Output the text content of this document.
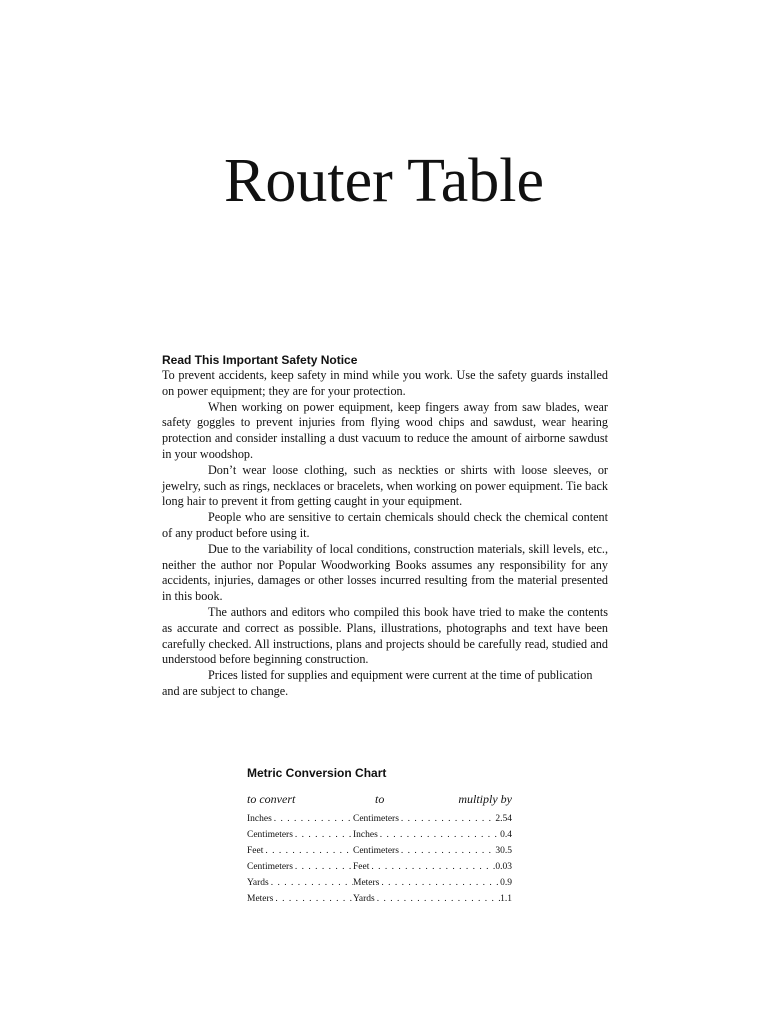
Router Table
Read This Important Safety Notice

To prevent accidents, keep safety in mind while you work. Use the safety guards installed on power equipment; they are for your protection.

When working on power equipment, keep fingers away from saw blades, wear safety goggles to prevent injuries from flying wood chips and sawdust, wear hearing protection and consider installing a dust vacuum to reduce the amount of airborne sawdust in your woodshop.

Don’t wear loose clothing, such as neckties or shirts with loose sleeves, or jewelry, such as rings, necklaces or bracelets, when working on power equipment. Tie back long hair to prevent it from getting caught in your equipment.

People who are sensitive to certain chemicals should check the chemical content of any product before using it.

Due to the variability of local conditions, construction materials, skill levels, etc., neither the author nor Popular Woodworking Books assumes any responsibility for any accidents, injuries, damages or other losses incurred resulting from the material presented in this book.

The authors and editors who compiled this book have tried to make the contents as accurate and correct as possible. Plans, illustrations, photographs and text have been carefully checked. All instructions, plans and projects should be carefully read, studied and understood before beginning construction.

Prices listed for supplies and equipment were current at the time of publication and are subject to change.

Metric Conversion Chart
to convert	to	multiply by
Inches . . .	Centimeters . . .	2.54
Centimeters . . .	Inches . . .	0.4
Feet . . .	Centimeters . . .	30.5
Centimeters . . .	Feet . . .	0.03
Yards . . .	Meters . . .	0.9
Meters . . .	Yards . . .	1.1
